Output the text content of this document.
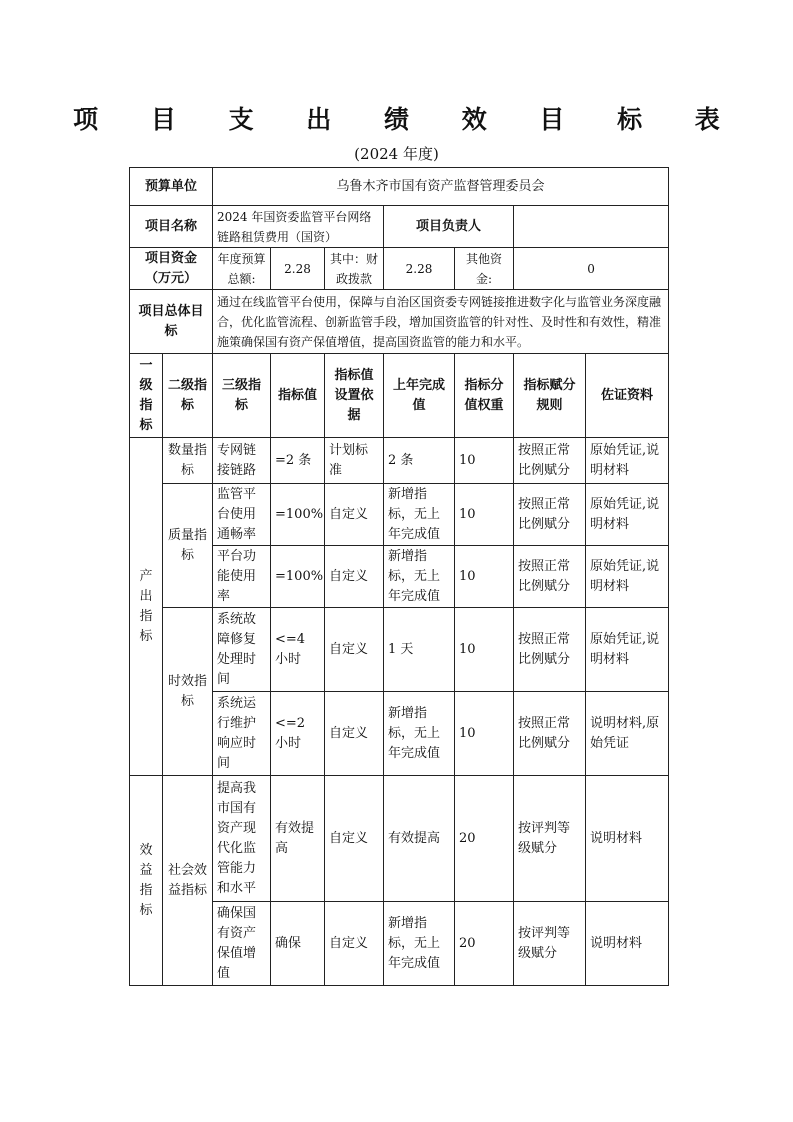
项 目 支 出 绩 效 目 标 表
(2024 年度)
预算单位		乌鲁木齐市国有资产监督管理委员会						
项目名称		2024 年国资委监管平台网络链路租赁费用（国资）			项目负责人			
项目资金（万元）		年度预算总额:	2.28	其中：财政拨款	2.28	其他资金:	0	
项目总体目标		通过在线监管平台使用，保障与自治区国资委专网链接推进数字化与监管业务深度融合，优化监管流程、创新监管手段，增加国资监管的针对性、及时性和有效性，精准施策确保国有资产保值增值，提高国资监管的能力和水平。						
一级指标	二级指标	三级指标	指标值	指标值设置依据	上年完成值	指标分值权重	指标赋分规则	佐证资料
产出指标	数量指标	专网链接链路	=2 条	计划标准	2 条	10	按照正常比例赋分	原始凭证,说明材料
	质量指标	监管平台使用通畅率	=100%	自定义	新增指标，无上年完成值	10	按照正常比例赋分	原始凭证,说明材料
		平台功能使用率	=100%	自定义	新增指标，无上年完成值	10	按照正常比例赋分	原始凭证,说明材料
	时效指标	系统故障修复处理时间	<=4 小时	自定义	1 天	10	按照正常比例赋分	原始凭证,说明材料
		系统运行维护响应时间	<=2 小时	自定义	新增指标，无上年完成值	10	按照正常比例赋分	说明材料,原始凭证
效益指标	社会效益指标	提高我市国有资产现代化监管能力和水平	有效提高	自定义	有效提高	20	按评判等级赋分	说明材料
		确保国有资产保值增值	确保	自定义	新增指标，无上年完成值	20	按评判等级赋分	说明材料
